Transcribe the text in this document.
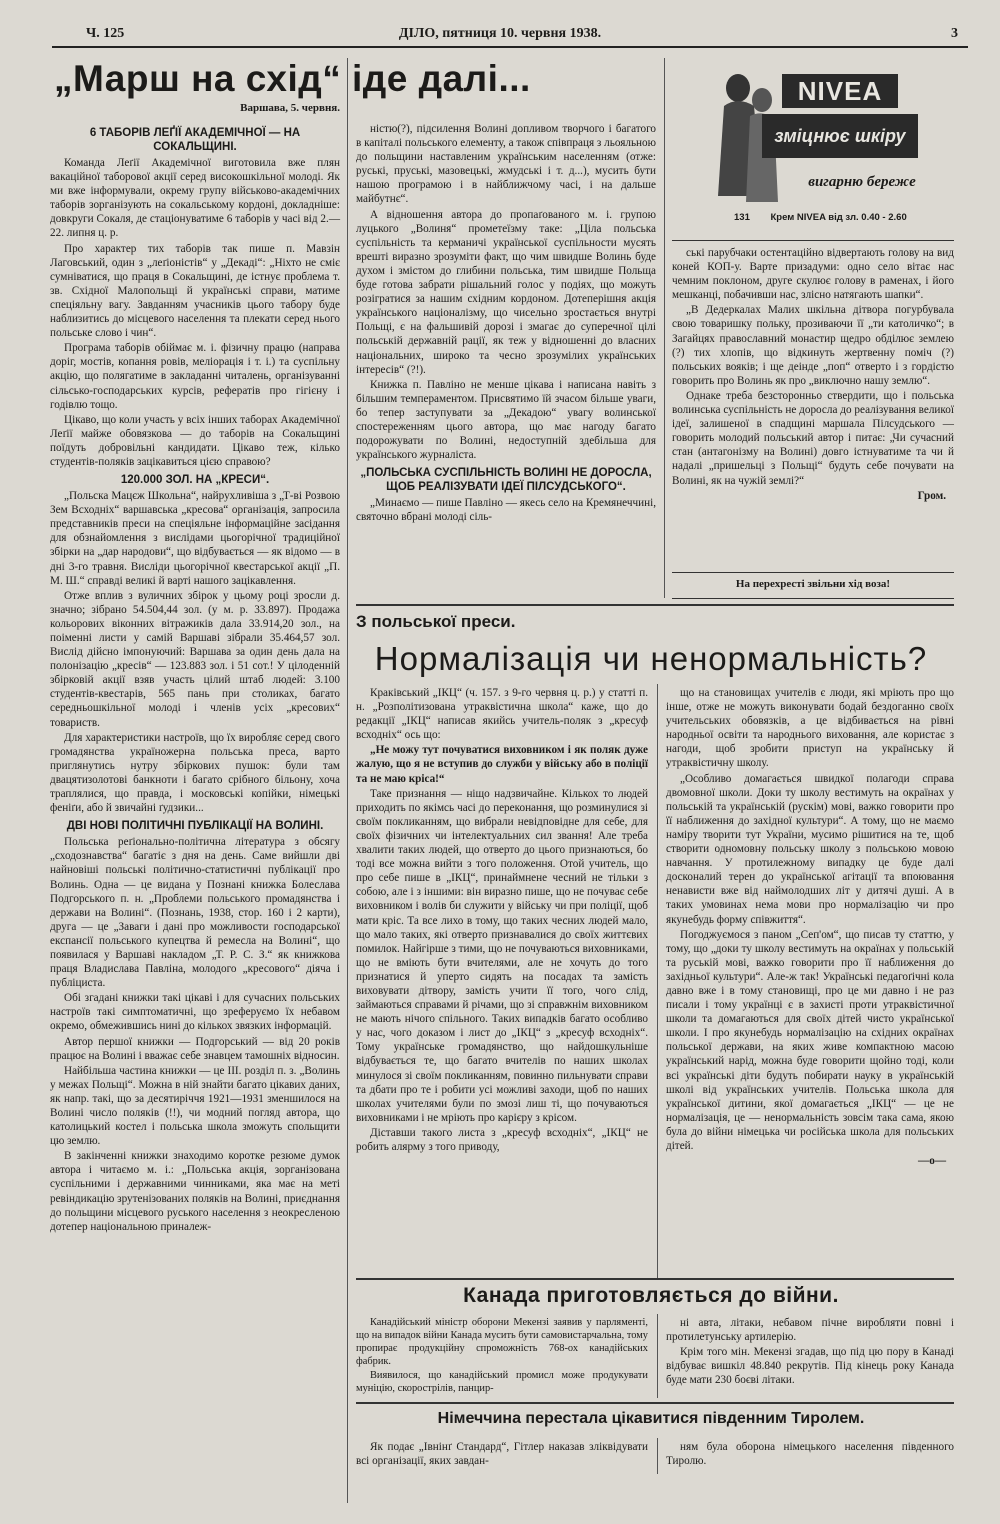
Ч. 125	ДІЛО, пятниця 10. червня 1938.	3
„Марш на схід“ іде далі...
Варшава, 5. червня.
6 ТАБОРІВ ЛЕҐІЇ АКАДЕМІЧНОЇ — НА СОКАЛЬЩИНІ.

Команда Леґії Академічної виготовила вже плян вакаційної таборової акції серед високошкільної молоді. Як ми вже інформували, окрему групу військово-академічних таборів зорганізують на сокальському кордоні, докладніше: довкруги Сокаля, де стаціонуватиме 6 таборів у часі від 2.—22. липня ц. р.

Про характер тих таборів так пише п. Мавзін Лаговський, один з „леґіоністів“ у „Декаді“: „Ніхто не сміє сумніватися, що праця в Сокальщині, де істнує проблема т. зв. Східної Малопольщі й українські справи, матиме спеціяльну вагу. Завданням учасників цього табору буде наблизитись до місцевого населення та плекати серед нього польське слово і чин“.

Програма таборів обіймає м. і. фізичну працю (направа доріг, мостів, копання ровів, меліорація і т. і.) та суспільну акцію, що полягатиме в закладанні читалень, організуванні сільсько-господарських курсів, рефератів про гігієну і годівлю тощо.

Цікаво, що коли участь у всіх інших таборах Академічної Леґії майже обовязкова — до таборів на Сокальщині поїдуть добровільні кандидати. Цікаво теж, кілько студентів-поляків зацікавиться цією справою?

120.000 ЗОЛ. НА „КРЕСИ“.

„Польска Мацєж Школьна“, найрухливіша з „Т-ві Розвою Зем Всходніх“ варшавська „кресова“ організація, запросила представників преси на спеціяльне інформаційне засідання для обзнайомлення з вислідами цьогорічної традиційної збірки на „дар народови“, що відбувається — як відомо — в дні 3-го травня. Висліди цьогорічної квестарської акції „П. М. Ш.“ справді великі й варті нашого зацікавлення.

Отже вплив з вуличних збірок у цьому році зросли д. значно; зібрано 54.504,44 зол. (у м. р. 33.897). Продажа кольорових віконних вітражиків дала 33.914,20 зол., на поіменні листи у самій Варшаві зібрали 35.464,57 зол. Вислід дійсно імпонуючий: Варшава за один день дала на полонізацію „кресів“ — 123.883 зол. і 51 сот.! У цілоденній збірковій акції взяв участь цілий штаб людей: 3.100 студентів-квестарів, 565 пань при столиках, багато середньошкільної молоді і членів усіх „кресових“ товариств.

Для характеристики настроїв, що їх виробляє серед свого громадянства україножерна польська преса, варто приглянутись нутру збіркових пушок: були там двацятизолотові банкноти і багато срібного більону, хоча траплялися, що правда, і московські копійки, німецькі феніґи, або й звичайні ґудзики...

ДВІ НОВІ ПОЛІТИЧНІ ПУБЛІКАЦІЇ НА ВОЛИНІ.

Польська реґіонально-політична література з обсягу „сходознавства“ багатіє з дня на день. Саме вийшли дві найновіші польські політично-статистичні публікації про Волинь. Одна — це видана у Познані книжка Болеслава Подгорського п. н. „Проблеми польського промадянства і держави на Волині“. (Познань, 1938, стор. 160 і 2 карти), друга — це „Заваги і дані про можливости господарської експансії польського купецтва й ремесла на Волині“, що появилася у Варшаві накладом „Т. Р. С. З.“ як книжкова праця Владислава Павліна, молодого „кресового“ діяча і публіциста.

Обі згадані книжки такі цікаві і для сучасних польських настроїв такі симптоматичні, що зреферуємо їх небавом окремо, обмежившись нині до кількох звязких інформацій.

Автор першої книжки — Подгорський — від 20 років працює на Волині і вважає себе знавцем тамошніх відносин.

Найбільша частина книжки — це III. розділ п. з. „Волинь у межах Польщі“. Можна в ній знайти багато цікавих даних, як напр. такі, що за десятиріччя 1921—1931 зменшилося на Волині число поляків (!!), чи модний погляд автора, що католицький костел і польська школа зможуть спольщити цю землю.

В закінченні книжки знаходимо коротке резюме думок автора і читаємо м. і.: „Польська акція, зорганізована суспільними і державними чинниками, яка має на меті ревіндикацію зрутенізованих поляків на Волині, приєднання до польщини місцевого руського населення з неокресленою дотепер національною приналеж-

ністю(?), підсилення Волині допливом творчого і багатого в капіталі польського елементу, а також співпраця з льояльною до польщини наставленим українським населенням (отже: руські, пруські, мазовецькі, жмудські і т. д...), мусить бути нашою програмою і в найближчому часі, і на дальше майбутнє“.

А відношення автора до пропаґованого м. і. групою луцького „Волиня“ прометеїзму таке: „Ціла польська суспільність та керманичі української суспільности мусять врешті виразно зрозуміти факт, що чим швидше Волинь буде духом і змістом до глибини польська, тим швидше Польща буде готова забрати рішальний голос у подіях, що можуть розігратися за нашим східним кордоном. Дотеперішня акція українського націоналізму, що чисельно зростається внутрі Польщі, є на фальшивій дорозі і змагає до суперечної цілі польській державній рації, як теж у відношенні до власних національних, широко та чесно зрозумілих українських інтересів“ (?!).

Книжка п. Павліно не менше цікава і написана навіть з більшим темпераментом. Присвятимо їй зчасом більше уваги, бо тепер заступувати за „Декадою“ увагу волинської спостереженням цього автора, що має нагоду багато подорожувати по Волині, недоступній здебільша для українського журналіста.

„ПОЛЬСЬКА СУСПІЛЬНІСТЬ ВОЛИНІ НЕ ДОРОСЛА, ЩОБ РЕАЛІЗУВАТИ ІДЕЇ ПІЛСУДСЬКОГО“.

„Минаємо — пише Павліно — якесь село на Кремянеччині, святочно вбрані молоді сіль-

ські парубчаки остентаційно відвертають голову на вид коней КОП-у. Варте призадуми: одно село вітає нас чемним поклоном, друге скулює голову в раменах, і його мешканці, побачивши нас, злісно натягають шапки“.

„В Дедеркалах Малих шкільна дітвора погурбувала свою товаришку польку, прозиваючи її „ти католичко“; в Загайцях православний монастир щедро обділює землею (?) тих хлопів, що відкинуть жертвенну поміч (?) польських вояків; і ще деінде „поп“ отверто і з гордістю говорить про Волинь як про „виключно нашу землю“.

Однаке треба безсторонньо ствердити, що і польська волинська суспільність не доросла до реалізування великої ідеї, залишеної в спадщині маршала Пілсудського — говорить молодий польський автор і питає: „Чи сучасний стан (антагонізму на Волині) довго істнуватиме та чи й надалі „пришельці з Польщі“ будуть себе почувати на Волині, як на чужій землі?“

Гром.

NIVEA
зміцнює шкіру
вигарню бережe
131 Крем NIVEA від зл. 0.40 - 2.60
На перехресті звільни хід воза!
З польської преси.
Нормалізація чи ненормальність?

Краківський „ІКЦ“ (ч. 157. з 9-го червня ц. р.) у статті п. н. „Розполітизована утраквістична школа“ каже, що до редакції „ІКЦ“ написав якийсь учитель-поляк з „кресуф всходніх“ ось що:

„Не можу тут почуватися виховником і як поляк дуже жалую, що я не вступив до служби у війську або в поліції та не маю кріса!“

Таке признання — ніщо надзвичайне. Кількох то людей приходить по якімсь часі до переконання, що розминулися зі своїм покликанням, що вибрали невідповідне для себе, для своїх фізичних чи інтелектуальних сил звання! Але треба хвалити таких людей, що отверто до цього признаються, бо тоді все можна вийти з того положення. Отой учитель, що про себе пише в „ІКЦ“, принаймнене чесний не тільки з собою, але і з іншими: він виразно пише, що не почуває себе виховником і волів би служити у війську чи при поліції, щоб мати кріс. Та все лихо в тому, що таких чесних людей мало, що мало таких, які отверто признавалися до своїх життєвих помилок. Найгірше з тими, що не почуваються виховниками, що не вміють бути вчителями, але не хочуть до того признатися й уперто сидять на посадах та замість виховувати дітвору, замість учити її того, чого слід, займаються справами й річами, що зі справжнім виховником не мають нічого спільного. Таких випадків багато особливо у нас, чого доказом і лист до „ІКЦ“ з „кресуф всходніх“. Тому українське громадянство, що найдошкульніше відбувається те, що багато вчителів по наших школах минулося зі своїм покликанням, повинно пильнувати справи та дбати про те і робити усі можливі заходи, щоб по наших школах учителями були по змозі лиш ті, що почуваються виховниками і не мріють про карієру з крісом.

Діставши такого листа з „кресуф всходніх“, „ІКЦ“ не робить алярму з того приводу,

що на становищах учителів є люди, які мріють про що інше, отже не можуть виконувати бодай бездоганно своїх учительських обовязків, а це відбивається на рівні народньої освіти та народнього виховання, але користає з нагоди, щоб зробити приступ на українську й утраквістичну школу.

„Особливо домагається швидкої полагоди справа двомовної школи. Доки ту школу вестимуть на окраїнах у польській та українській (рускім) мові, важко говорити про її наближення до західної культури“. А тому, що не маємо наміру творити тут України, мусимо рішитися на те, щоб створити одномовну польську школу з польською мовою навчання. У протилежному випадку це буде далі досконалий терен до української агітації та впоювання ненависти вже від наймолодших літ у дитячі душі. А в таких умовинах нема мови про нормалізацію чи про якунебудь форму співжиття“.

Погоджуємося з паном „Сеп'ом“, що писав ту статтю, у тому, що „доки ту школу вестимуть на окраїнах у польській та руській мові, важко говорити про її наближення до західньої культури“. Але-ж так! Українські педагоґічні кола давно вже і в тому становищі, про це ми давно і не раз писали і тому українці є в захисті проти утраквістичної школи та домагаються для своїх дітей чисто української школи. І про якунебудь нормалізацію на східних окраїнах польської держави, на яких живе компактною масою український нарід, можна буде говорити щойно тоді, коли всі українські діти будуть побирати науку в українській школі від українських учителів. Польська школа для української дитини, якої домагається „ІКЦ“ — це не нормалізація, це — ненормальність зовсім така сама, якою була до війни німецька чи російська школа для польських дітей.

—o—

Канада приготовляється до війни.

Канадійський міністр оборони Мекензі заявив у парляменті, що на випадок війни Канада мусить бути самовистарчальна, тому пропирає продукційну спроможність 768-ох канадійських фабрик.

Виявилося, що канадійський промисл може продукувати муніцію, скорострілів, панцир-

ні авта, літаки, небавом пічне виробляти повні і протилетунську артилерію.

Крім того мін. Мекензі згадав, що під цю пору в Канаді відбуває вишкіл 48.840 рекрутів. Під кінець року Канада буде мати 230 боєві літаки.

Німеччина перестала цікавитися південним Тиролем.

Як подає „Івнінґ Стандард“, Гітлер наказав зліквідувати всі організації, яких завдан-

ням була оборона німецького населення південного Тиролю.
